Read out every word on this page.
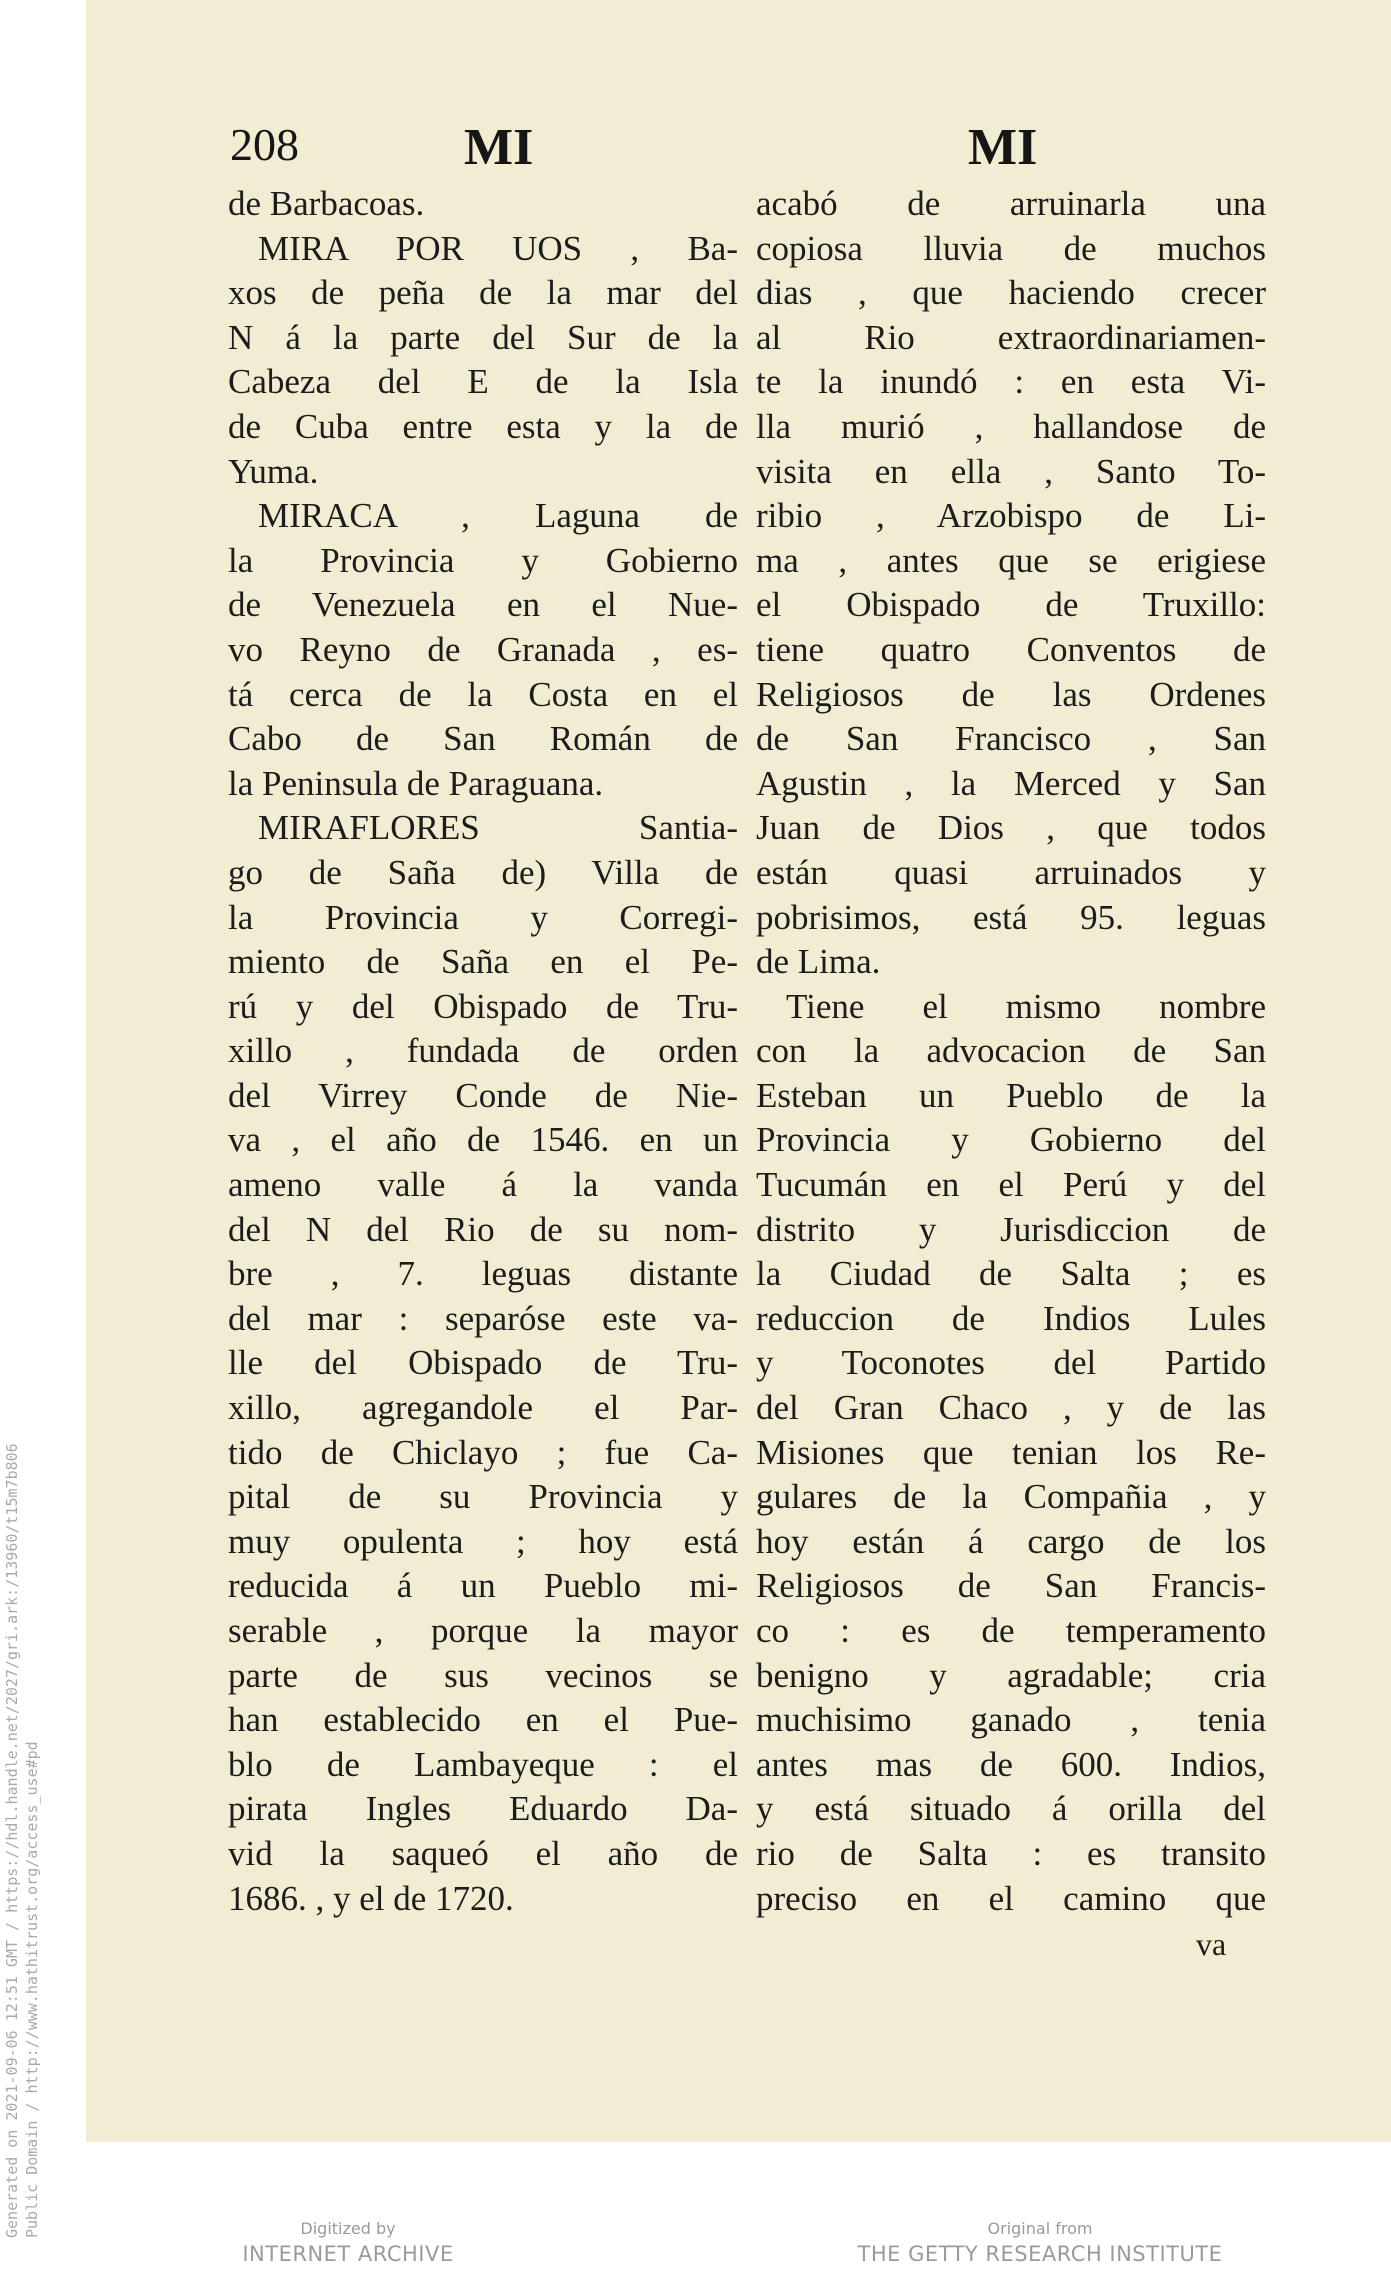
Generated on 2021-09-06 12:51 GMT / https://hdl.handle.net/2027/gri.ark:/13960/t15m7b806 Public Domain / http://www.hathitrust.org/access_use#pd
208	MI	MI
de Barbacoas.
MIRA POR UOS , Ba-
xos de peña de la mar del
N á la parte del Sur de la
Cabeza del E de la Isla
de Cuba entre esta y la de
Yuma.
MIRACA , Laguna de
la Provincia y Gobierno
de Venezuela en el Nue-
vo Reyno de Granada , es-
tá cerca de la Costa en el
Cabo de San Román de
la Peninsula de Paraguana.
MIRAFLORES Santia-
go de Saña de) Villa de
la Provincia y Corregi-
miento de Saña en el Pe-
rú y del Obispado de Tru-
xillo , fundada de orden
del Virrey Conde de Nie-
va , el año de 1546. en un
ameno valle á la vanda
del N del Rio de su nom-
bre , 7. leguas distante
del mar : separóse este va-
lle del Obispado de Tru-
xillo, agregandole el Par-
tido de Chiclayo ; fue Ca-
pital de su Provincia y
muy opulenta ; hoy está
reducida á un Pueblo mi-
serable , porque la mayor
parte de sus vecinos se
han establecido en el Pue-
blo de Lambayeque : el
pirata Ingles Eduardo Da-
vid la saqueó el año de
1686. , y el de 1720.
acabó de arruinarla una
copiosa lluvia de muchos
dias , que haciendo crecer
al Rio extraordinariamen-
te la inundó : en esta Vi-
lla murió , hallandose de
visita en ella , Santo To-
ribio , Arzobispo de Li-
ma , antes que se erigiese
el Obispado de Truxillo:
tiene quatro Conventos de
Religiosos de las Ordenes
de San Francisco , San
Agustin , la Merced y San
Juan de Dios , que todos
están quasi arruinados y
pobrisimos, está 95. leguas
de Lima.
Tiene el mismo nombre
con la advocacion de San
Esteban un Pueblo de la
Provincia y Gobierno del
Tucumán en el Perú y del
distrito y Jurisdiccion de
la Ciudad de Salta ; es
reduccion de Indios Lules
y Toconotes del Partido
del Gran Chaco , y de las
Misiones que tenian los Re-
gulares de la Compañia , y
hoy están á cargo de los
Religiosos de San Francis-
co : es de temperamento
benigno y agradable; cria
muchisimo ganado , tenia
antes mas de 600. Indios,
y está situado á orilla del
rio de Salta : es transito
preciso en el camino que
va
Digitized by
INTERNET ARCHIVE
Original from
THE GETTY RESEARCH INSTITUTE
